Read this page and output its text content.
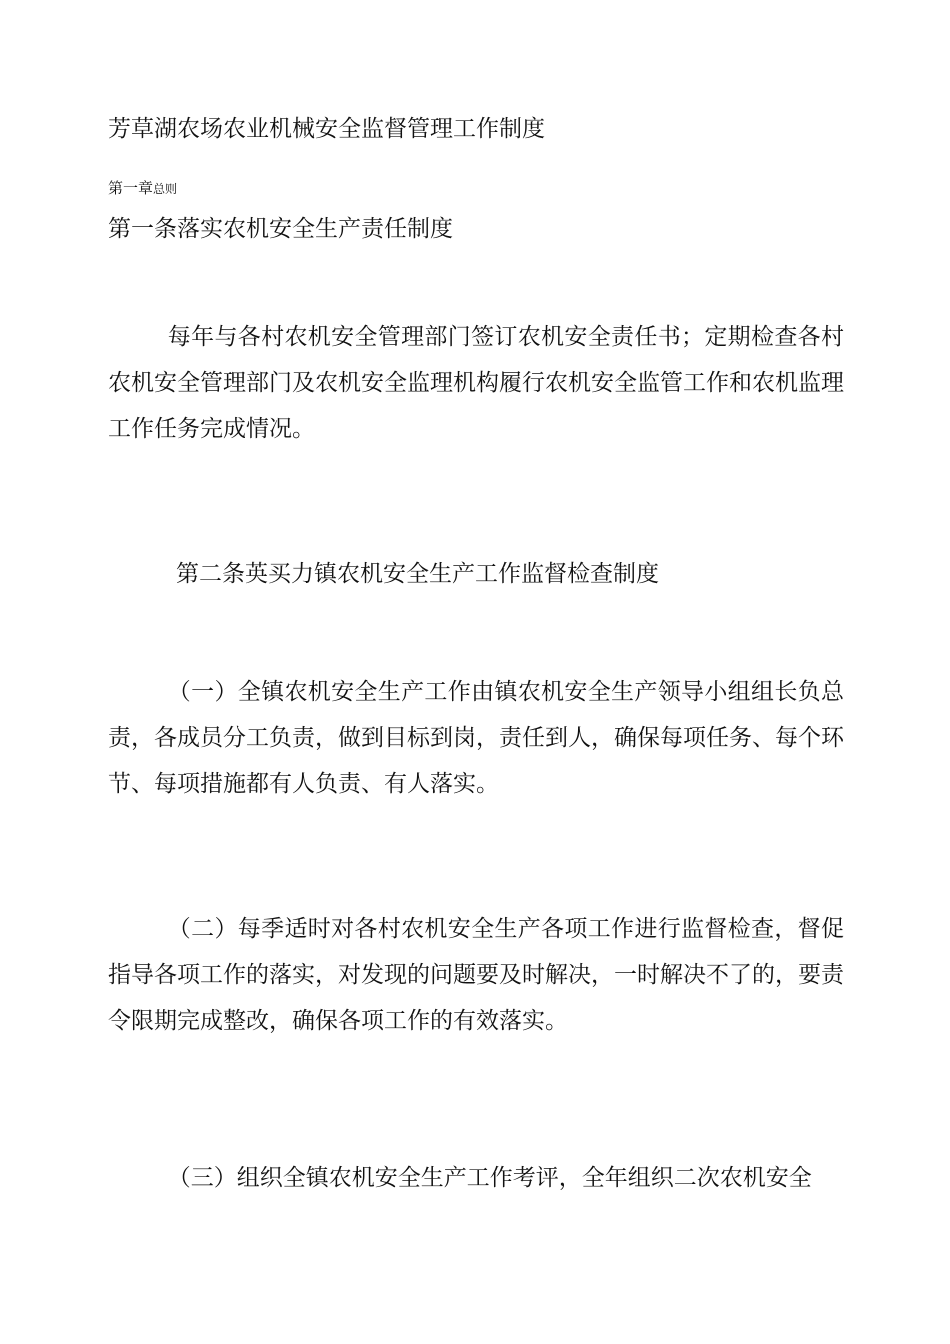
芳草湖农场农业机械安全监督管理工作制度
第一章总则
第一条落实农机安全生产责任制度
每年与各村农机安全管理部门签订农机安全责任书；定期检查各村农机安全管理部门及农机安全监理机构履行农机安全监管工作和农机监理工作任务完成情况。
第二条英买力镇农机安全生产工作监督检查制度
（一）全镇农机安全生产工作由镇农机安全生产领导小组组长负总责，各成员分工负责，做到目标到岗，责任到人，确保每项任务、每个环节、每项措施都有人负责、有人落实。
（二）每季适时对各村农机安全生产各项工作进行监督检查，督促指导各项工作的落实，对发现的问题要及时解决，一时解决不了的，要责令限期完成整改，确保各项工作的有效落实。
（三）组织全镇农机安全生产工作考评，全年组织二次农机安全
